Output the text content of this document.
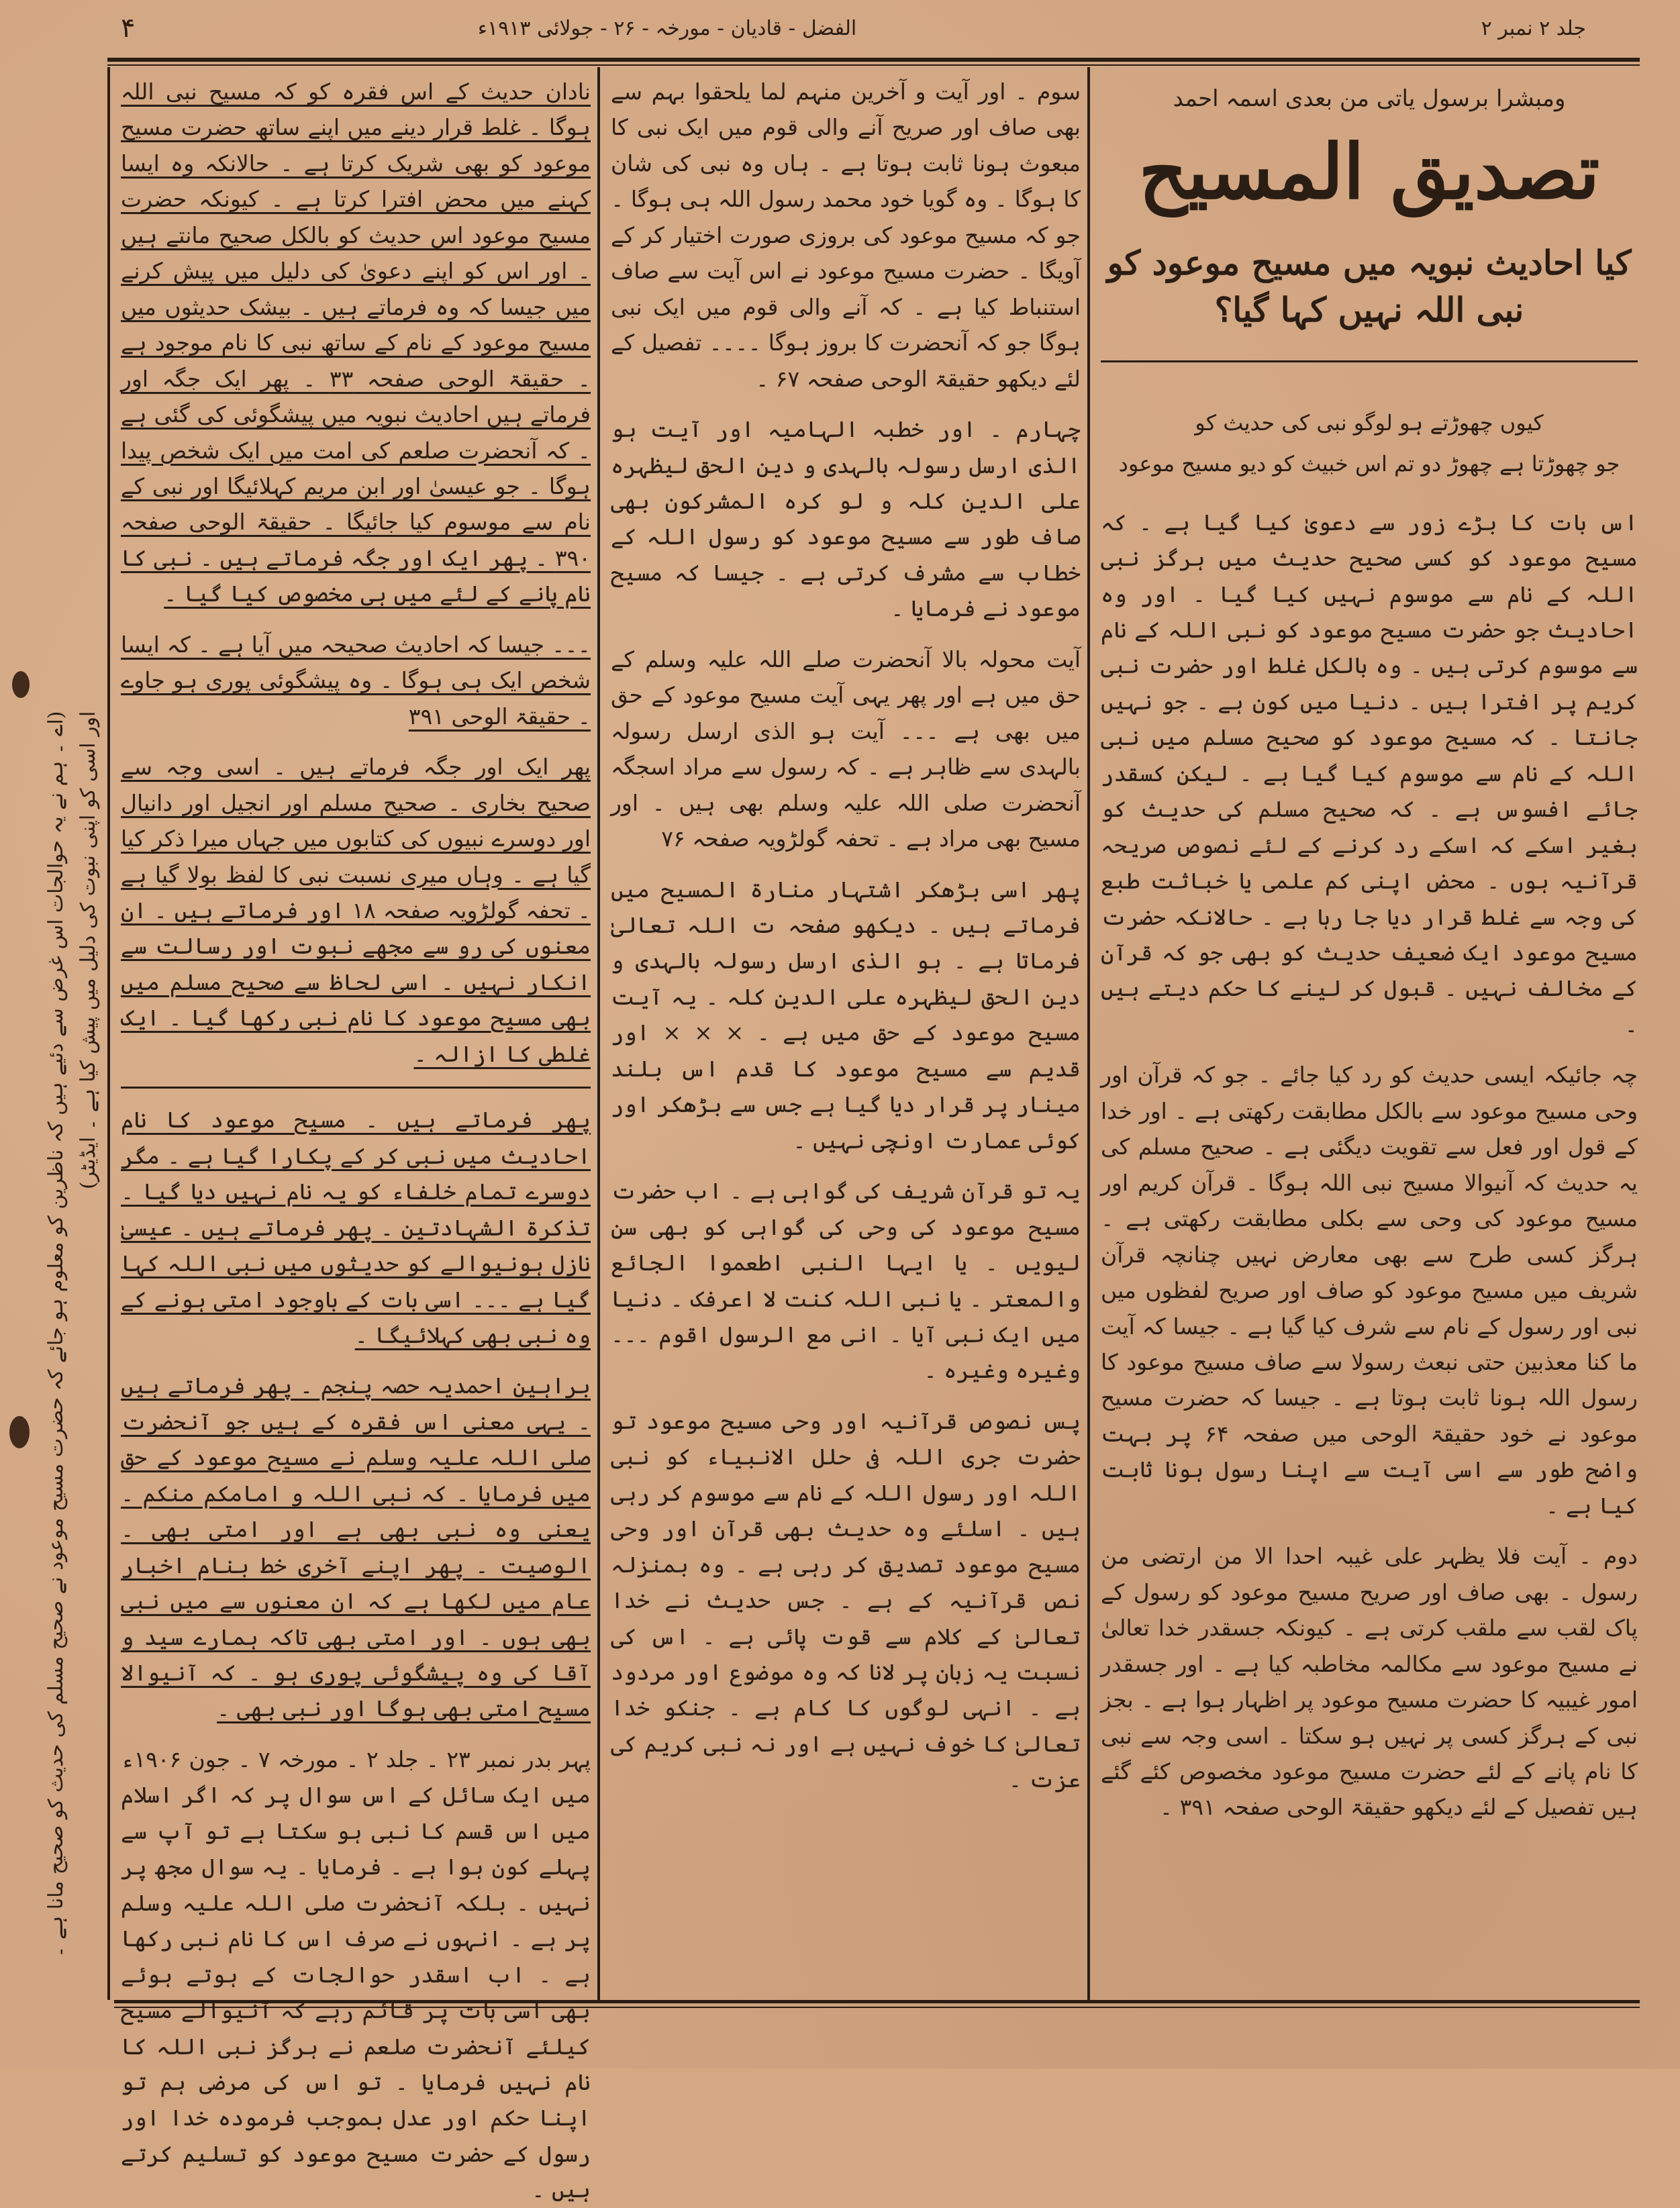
جلد ۲ نمبر ۲
الفضل - قادیان - مورخہ - ۲۶ - جولائی ۱۹۱۳ء
۴
ومبشرا برسول یاتی من بعدی اسمہ احمد
تصدیق المسیح
کیا احادیث نبویہ میں مسیح موعود کو نبی اللہ نہیں کہا گیا؟
کیوں چھوڑتے ہو لوگو نبی کی حدیث کو
جو چھوڑتا ہے چھوڑ دو تم اس خبیث کو دیو مسیح موعود

اس بات کا بڑے زور سے دعویٰ کیا گیا ہے ۔ کہ مسیح موعود کو کسی صحیح حدیث میں ہرگز نبی اللہ کے نام سے موسوم نہیں کیا گیا ۔ اور وہ احادیث جو حضرت مسیح موعود کو نبی اللہ کے نام سے موسوم کرتی ہیں ۔ وہ بالکل غلط اور حضرت نبی کریم پر افترا ہیں ۔ دنیا میں کون ہے ۔ جو نہیں جانتا ۔ کہ مسیح موعود کو صحیح مسلم میں نبی اللہ کے نام سے موسوم کیا گیا ہے ۔ لیکن کسقدر جائے افسوس ہے ۔ کہ صحیح مسلم کی حدیث کو بغیر اسکے کہ اسکے رد کرنے کے لئے نصوص صریحہ قرآنیہ ہوں ۔ محض اپنی کم علمی یا خباثت طبع کی وجہ سے غلط قرار دیا جا رہا ہے ۔ حالانکہ حضرت مسیح موعود ایک ضعیف حدیث کو بھی جو کہ قرآن کے مخالف نہیں ۔ قبول کر لینے کا حکم دیتے ہیں ۔

چہ جائیکہ ایسی حدیث کو رد کیا جائے ۔ جو کہ قرآن اور وحی مسیح موعود سے بالکل مطابقت رکھتی ہے ۔ اور خدا کے قول اور فعل سے تقویت دیگئی ہے ۔ صحیح مسلم کی یہ حدیث کہ آنیوالا مسیح نبی اللہ ہوگا ۔ قرآن کریم اور مسیح موعود کی وحی سے بکلی مطابقت رکھتی ہے ۔ ہرگز کسی طرح سے بھی معارض نہیں چنانچہ قرآن شریف میں مسیح موعود کو صاف اور صریح لفظوں میں نبی اور رسول کے نام سے شرف کیا گیا ہے ۔ جیسا کہ آیت ما کنا معذبین حتی نبعث رسولا سے صاف مسیح موعود کا رسول اللہ ہونا ثابت ہوتا ہے ۔ جیسا کہ حضرت مسیح موعود نے خود حقیقۃ الوحی میں صفحہ ۶۴ پر بہت واضح طور سے اسی آیت سے اپنا رسول ہونا ثابت کیا ہے ۔

دوم ۔ آیت فلا یظہر علی غیبہ احدا الا من ارتضی من رسول ۔ بھی صاف اور صریح مسیح موعود کو رسول کے پاک لقب سے ملقب کرتی ہے ۔ کیونکہ جسقدر خدا تعالیٰ نے مسیح موعود سے مکالمہ مخاطبہ کیا ہے ۔ اور جسقدر امور غیبیہ کا حضرت مسیح موعود پر اظہار ہوا ہے ۔ بجز نبی کے ہرگز کسی پر نہیں ہو سکتا ۔ اسی وجہ سے نبی کا نام پانے کے لئے حضرت مسیح موعود مخصوص کئے گئے ہیں تفصیل کے لئے دیکھو حقیقۃ الوحی صفحہ ۳۹۱ ۔

سوم ۔ اور آیت و آخرین منہم لما یلحقوا بہم سے بھی صاف اور صریح آنے والی قوم میں ایک نبی کا مبعوث ہونا ثابت ہوتا ہے ۔ ہاں وہ نبی کی شان کا ہوگا ۔ وہ گویا خود محمد رسول اللہ ہی ہوگا ۔ جو کہ مسیح موعود کی بروزی صورت اختیار کر کے آویگا ۔ حضرت مسیح موعود نے اس آیت سے صاف استنباط کیا ہے ۔ کہ آنے والی قوم میں ایک نبی ہوگا جو کہ آنحضرت کا بروز ہوگا ۔۔۔۔ تفصیل کے لئے دیکھو حقیقۃ الوحی صفحہ ۶۷ ۔

چہارم ۔ اور خطبہ الہامیہ اور آیت ہو الذی ارسل رسولہ بالہدی و دین الحق لیظہرہ علی الدین کلہ و لو کرہ المشرکون بھی صاف طور سے مسیح موعود کو رسول اللہ کے خطاب سے مشرف کرتی ہے ۔ جیسا کہ مسیح موعود نے فرمایا ۔

آیت محولہ بالا آنحضرت صلے اللہ علیہ وسلم کے حق میں ہے اور پھر یہی آیت مسیح موعود کے حق میں بھی ہے ۔۔۔ آیت ہو الذی ارسل رسولہ بالہدی سے ظاہر ہے ۔ کہ رسول سے مراد اسجگہ آنحضرت صلی اللہ علیہ وسلم بھی ہیں ۔ اور مسیح بھی مراد ہے ۔ تحفہ گولڑویہ صفحہ ۷۶

پھر اسی بڑھکر اشتہار منارۃ المسیح میں فرماتے ہیں ۔ دیکھو صفحہ ت اللہ تعالیٰ فرماتا ہے ۔ ہو الذی ارسل رسولہ بالہدی و دین الحق لیظہرہ علی الدین کلہ ۔ یہ آیت مسیح موعود کے حق میں ہے ۔ × × × اور قدیم سے مسیح موعود کا قدم اس بلند مینار پر قرار دیا گیا ہے جس سے بڑھکر اور کوئی عمارت اونچی نہیں ۔

یہ تو قرآن شریف کی گواہی ہے ۔ اب حضرت مسیح موعود کی وحی کی گواہی کو بھی سن لیویں ۔ یا ایہا النبی اطعموا الجائع والمعتر ۔ یا نبی اللہ کنت لا اعرفک ۔ دنیا میں ایک نبی آیا ۔ انی مع الرسول اقوم ۔۔۔ وغیرہ وغیرہ ۔

پس نصوص قرآنیہ اور وحی مسیح موعود تو حضرت جری اللہ فی حلل الانبیاء کو نبی اللہ اور رسول اللہ کے نام سے موسوم کر رہی ہیں ۔ اسلئے وہ حدیث بھی قرآن اور وحی مسیح موعود تصدیق کر رہی ہے ۔ وہ بمنزلہ نص قرآنیہ کے ہے ۔ جس حدیث نے خدا تعالیٰ کے کلام سے قوت پائی ہے ۔ اس کی نسبت یہ زبان پر لانا کہ وہ موضوع اور مردود ہے ۔ انہی لوگوں کا کام ہے ۔ جنکو خدا تعالیٰ کا خوف نہیں ہے اور نہ نبی کریم کی عزت ۔

نادان حدیث کے اس فقرہ کو کہ مسیح نبی اللہ ہوگا ۔ غلط قرار دینے میں اپنے ساتھ حضرت مسیح موعود کو بھی شریک کرتا ہے ۔ حالانکہ وہ ایسا کہنے میں محض افترا کرتا ہے ۔ کیونکہ حضرت مسیح موعود اس حدیث کو بالکل صحیح مانتے ہیں ۔ اور اس کو اپنے دعویٰ کی دلیل میں پیش کرنے میں جیسا کہ وہ فرماتے ہیں ۔ بیشک حدیثوں میں مسیح موعود کے نام کے ساتھ نبی کا نام موجود ہے ۔ حقیقۃ الوحی صفحہ ۳۳ ۔ پھر ایک جگہ اور فرماتے ہیں احادیث نبویہ میں پیشگوئی کی گئی ہے ۔ کہ آنحضرت صلعم کی امت میں ایک شخص پیدا ہوگا ۔ جو عیسیٰ اور ابن مریم کہلائیگا اور نبی کے نام سے موسوم کیا جائیگا ۔ حقیقۃ الوحی صفحہ ۳۹۰ ۔ پھر ایک اور جگہ فرماتے ہیں ۔ نبی کا نام پانے کے لئے میں ہی مخصوص کیا گیا ۔

۔۔۔ جیسا کہ احادیث صحیحہ میں آیا ہے ۔ کہ ایسا شخص ایک ہی ہوگا ۔ وہ پیشگوئی پوری ہو جاوے ۔ حقیقۃ الوحی ۳۹۱

پھر ایک اور جگہ فرماتے ہیں ۔ اسی وجہ سے صحیح بخاری ۔ صحیح مسلم اور انجیل اور دانیال اور دوسرے نبیوں کی کتابوں میں جہاں میرا ذکر کیا گیا ہے ۔ وہاں میری نسبت نبی کا لفظ بولا گیا ہے ۔ تحفہ گولڑویہ صفحہ ۱۸ اور فرماتے ہیں ۔ ان معنوں کی رو سے مجھے نبوت اور رسالت سے انکار نہیں ۔ اسی لحاظ سے صحیح مسلم میں بھی مسیح موعود کا نام نبی رکھا گیا ۔ ایک غلطی کا ازالہ ۔

پھر فرماتے ہیں ۔ مسیح موعود کا نام احادیث میں نبی کر کے پکارا گیا ہے ۔ مگر دوسرے تمام خلفاء کو یہ نام نہیں دیا گیا ۔ تذکرۃ الشہادتین ۔ پھر فرماتے ہیں ۔ عیسیٰ نازل ہونیوالے کو حدیثوں میں نبی اللہ کہا گیا ہے ۔۔۔ اسی بات کے باوجود امتی ہونے کے وہ نبی بھی کہلائیگا ۔

براہین احمدیہ حصہ پنجم ۔ پھر فرماتے ہیں ۔ یہی معنی اس فقرہ کے ہیں جو آنحضرت صلی اللہ علیہ وسلم نے مسیح موعود کے حق میں فرمایا ۔ کہ نبی اللہ و امامکم منکم ۔ یعنی وہ نبی بھی ہے اور امتی بھی ۔ الوصیت ۔ پھر اپنے آخری خط بنام اخبار عام میں لکھا ہے کہ ان معنوں سے میں نبی بھی ہوں ۔ اور امتی بھی تاکہ ہمارے سید و آقا کی وہ پیشگوئی پوری ہو ۔ کہ آنیوالا مسیح امتی بھی ہوگا اور نبی بھی ۔

پہر بدر نمبر ۲۳ ۔ جلد ۲ ۔ مورخہ ۷ ۔ جون ۱۹۰۶ء میں ایک سائل کے اس سوال پر کہ اگر اسلام میں اس قسم کا نبی ہو سکتا ہے تو آپ سے پہلے کون ہوا ہے ۔ فرمایا ۔ یہ سوال مجھ پر نہیں ۔ بلکہ آنحضرت صلی اللہ علیہ وسلم پر ہے ۔ انہوں نے صرف اس کا نام نبی رکھا ہے ۔ اب اسقدر حوالجات کے ہوتے ہوئے بھی اسی بات پر قائم رہے کہ آنیوالے مسیح کیلئے آنحضرت صلعم نے ہرگز نبی اللہ کا نام نہیں فرمایا ۔ تو اس کی مرضی ہم تو اپنا حکم اور عدل بموجب فرمودہ خدا اور رسول کے حضرت مسیح موعود کو تسلیم کرتے ہیں ۔

(اے ۔ ہم نے یہ حوالجات اس غرض سے دئیے ہیں کہ ناظرین کو معلوم ہو جائے کہ حضرت مسیح موعود نے صحیح مسلم کی حدیث کو صحیح مانا ہے ۔ اور اسی کو اپنی نبوت کی دلیل میں پیش کیا ہے ۔ ایڈیٹر)
